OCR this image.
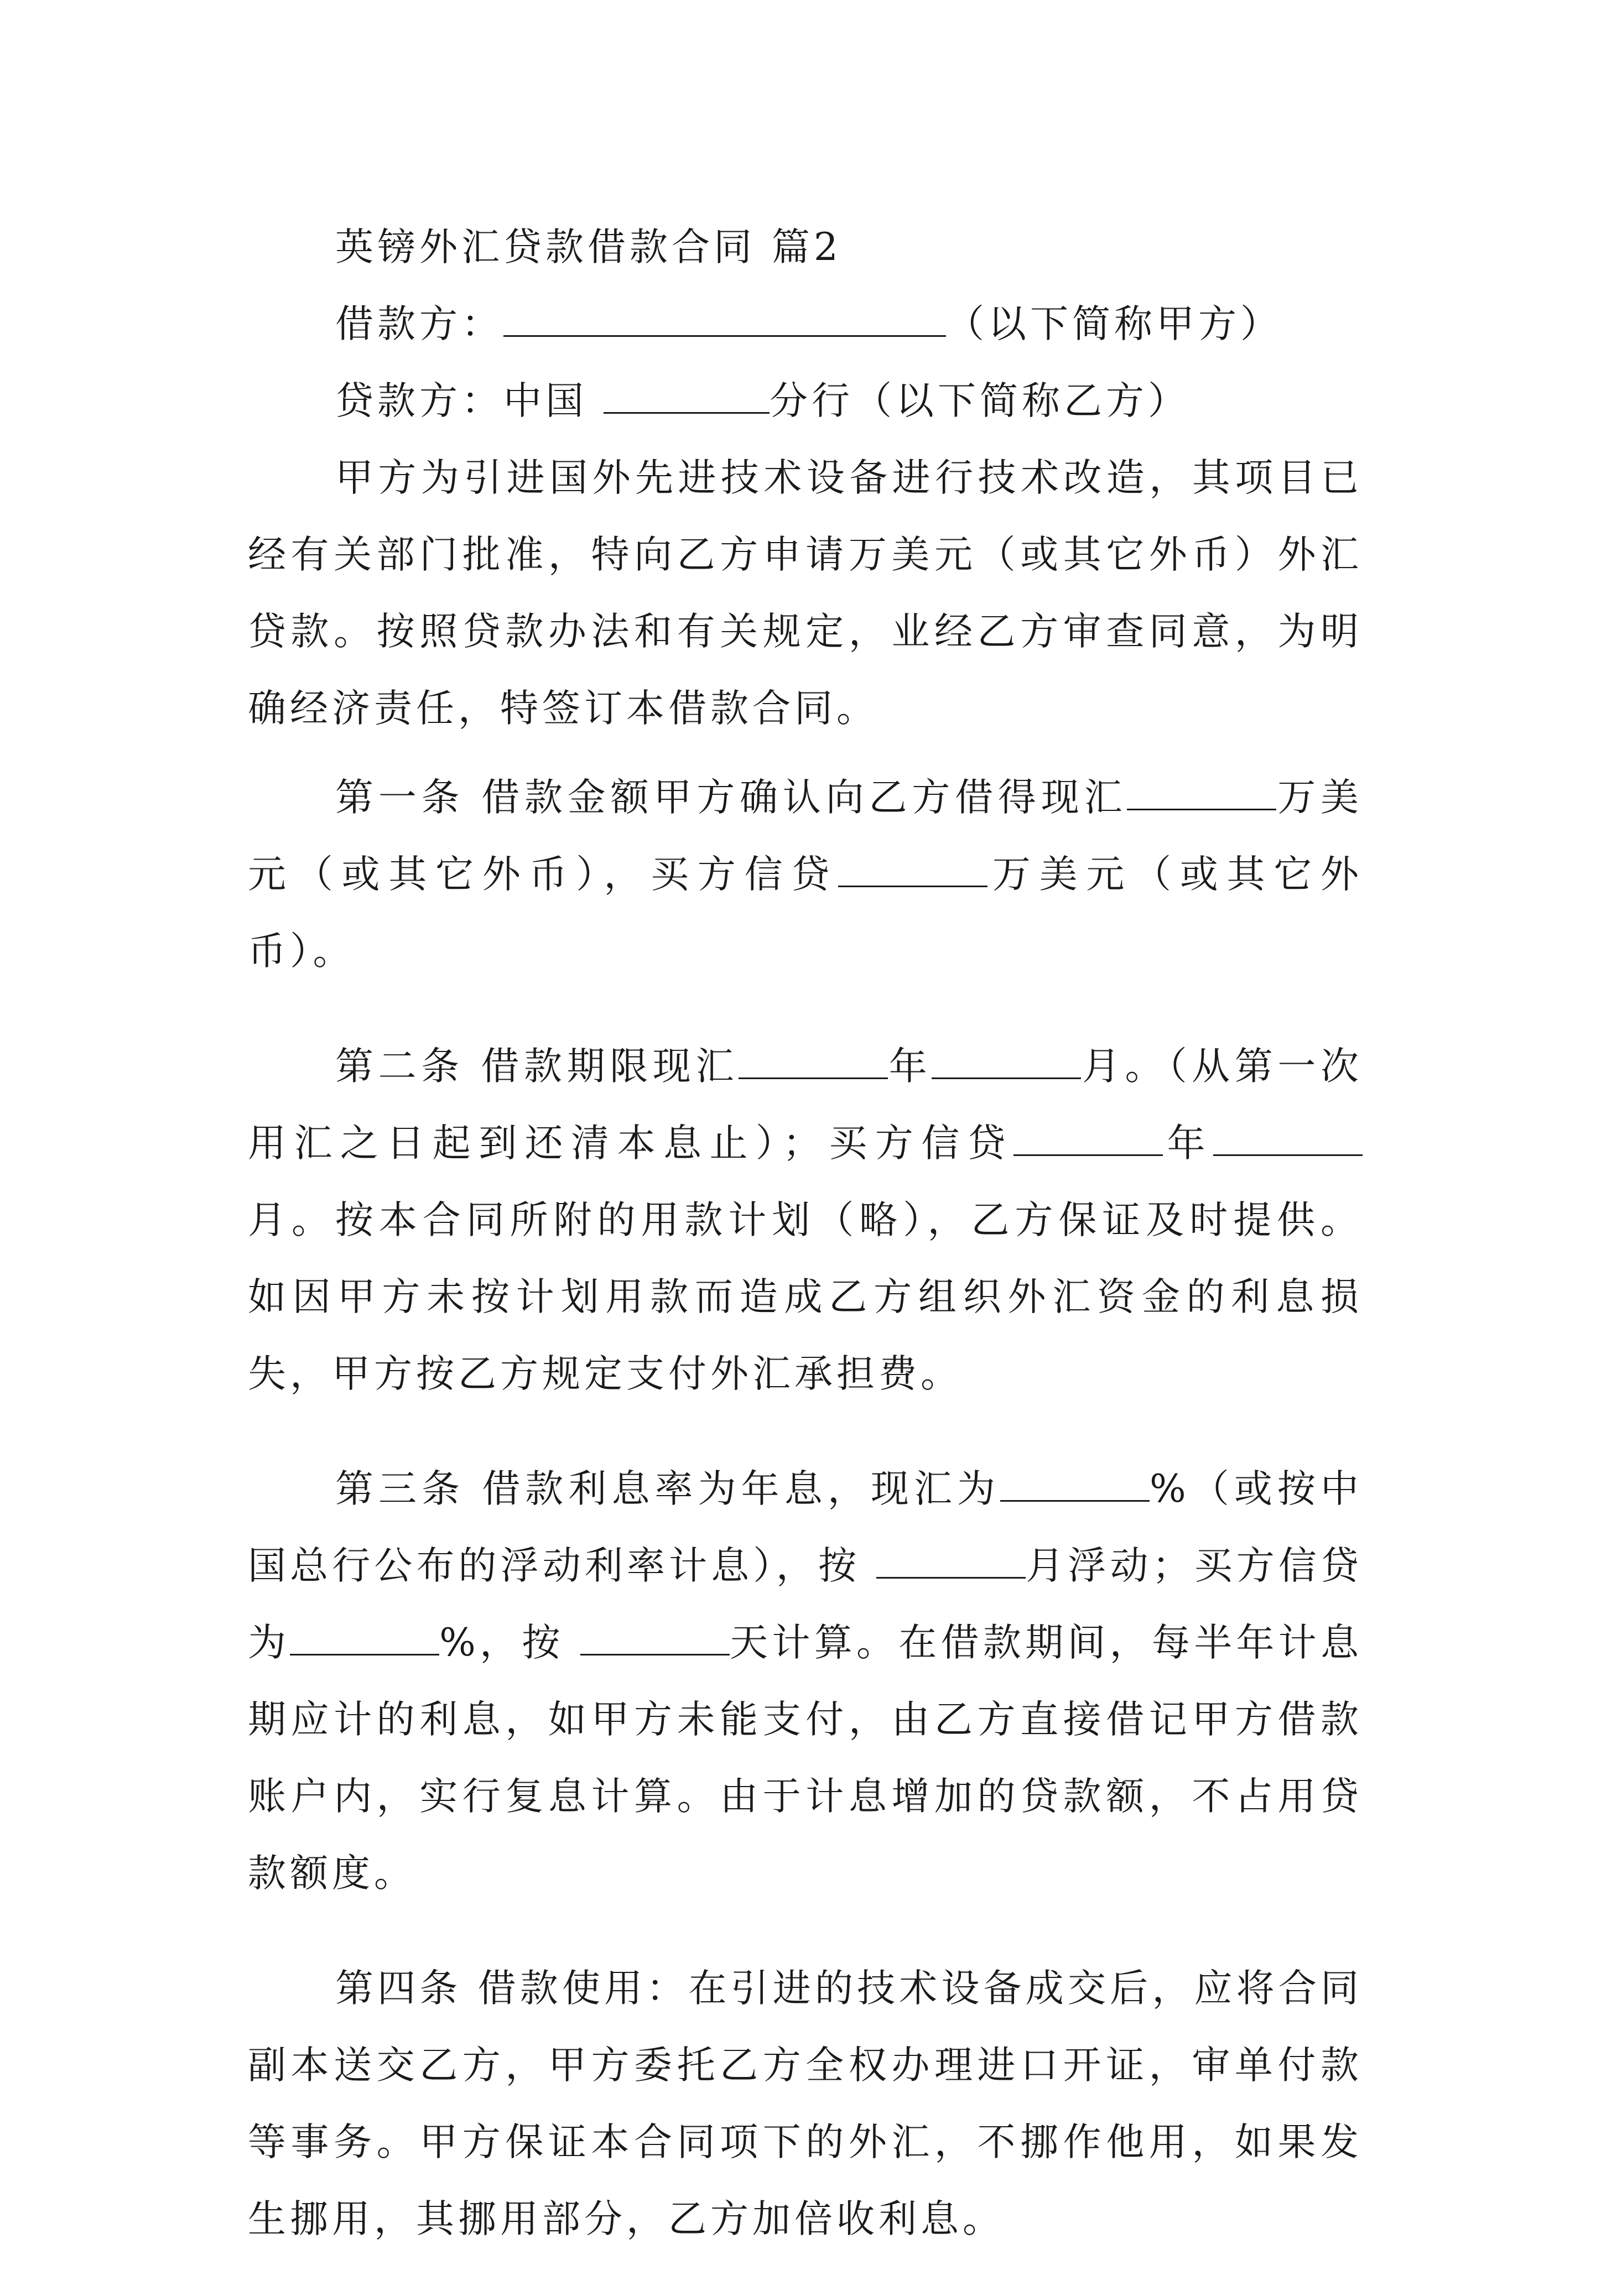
英镑外汇贷款借款合同 篇2
借款方：	（以下简称甲方）
贷款方：中国	分行（以下简称乙方）

甲方为引进国外先进技术设备进行技术改造，其项目已经有关部门批准，特向乙方申请万美元（或其它外币）外汇贷款。按照贷款办法和有关规定，业经乙方审查同意，为明确经济责任，特签订本借款合同。

第一条 借款金额甲方确认向乙方借得现汇	万美元（或其它外币），买方信贷	万美元（或其它外币）。

第二条 借款期限现汇	年	月。（从第一次用汇之日起到还清本息止）；买方信贷	年月。按本合同所附的用款计划（略），乙方保证及时提供。如因甲方未按计划用款而造成乙方组织外汇资金的利息损失，甲方按乙方规定支付外汇承担费。

第三条 借款利息率为年息，现汇为	%（或按中国总行公布的浮动利率计息），按	月浮动；买方信贷为	%，按	天计算。在借款期间，每半年计息期应计的利息，如甲方未能支付，由乙方直接借记甲方借款账户内，实行复息计算。由于计息增加的贷款额，不占用贷款额度。

第四条 借款使用：在引进的技术设备成交后，应将合同副本送交乙方，甲方委托乙方全权办理进口开证，审单付款等事务。甲方保证本合同项下的外汇，不挪作他用，如果发生挪用，其挪用部分，乙方加倍收利息。
